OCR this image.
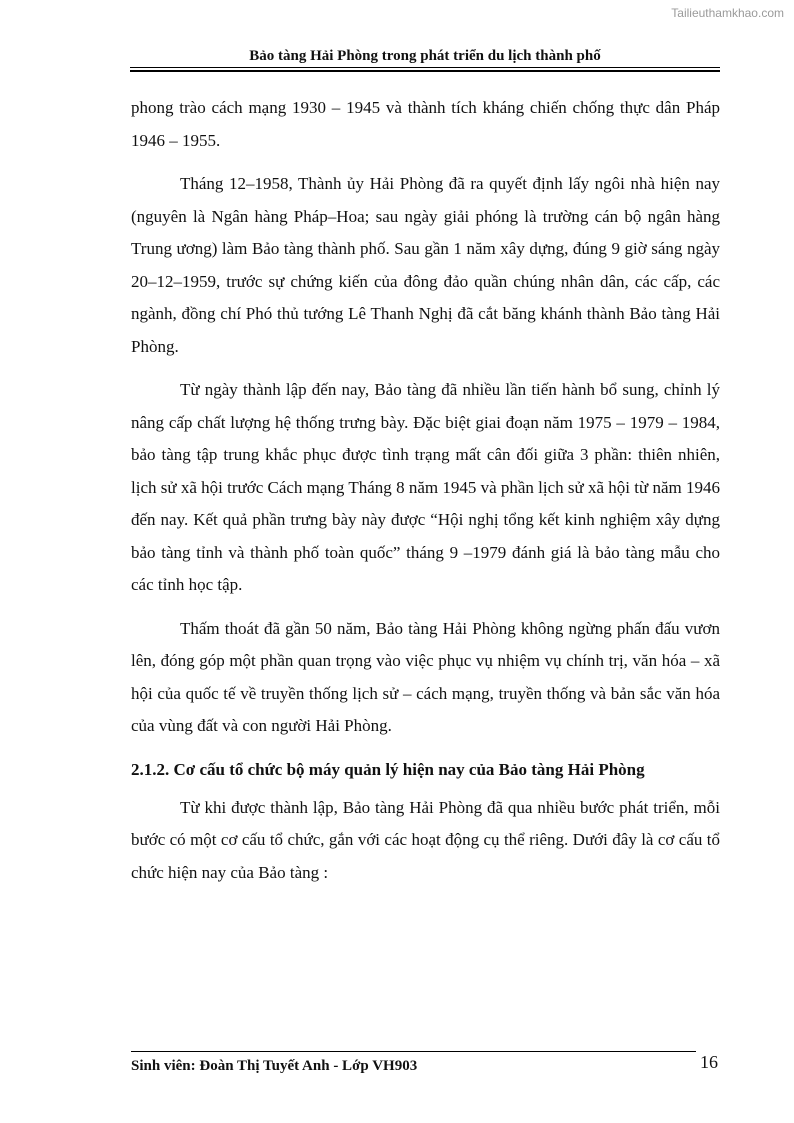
Tailieuthamkhao.com
Bảo tàng Hải Phòng trong phát triển du lịch thành phố

phong trào cách mạng 1930 – 1945 và thành tích kháng chiến chống thực dân Pháp 1946 – 1955.

Tháng 12–1958, Thành ủy Hải Phòng đã ra quyết định lấy ngôi nhà hiện nay (nguyên là Ngân hàng Pháp–Hoa; sau ngày giải phóng là trường cán bộ ngân hàng Trung ương) làm Bảo tàng thành phố. Sau gần 1 năm xây dựng, đúng 9 giờ sáng ngày 20–12–1959, trước sự chứng kiến của đông đảo quần chúng nhân dân, các cấp, các ngành, đồng chí Phó thủ tướng Lê Thanh Nghị đã cắt băng khánh thành Bảo tàng Hải Phòng.

Từ ngày thành lập đến nay, Bảo tàng đã nhiều lần tiến hành bổ sung, chỉnh lý nâng cấp chất lượng hệ thống trưng bày. Đặc biệt giai đoạn năm 1975 – 1979 – 1984, bảo tàng tập trung khắc phục được tình trạng mất cân đối giữa 3 phần: thiên nhiên, lịch sử xã hội trước Cách mạng Tháng 8 năm 1945 và phần lịch sử xã hội từ năm 1946 đến nay. Kết quả phần trưng bày này được “Hội nghị tổng kết kinh nghiệm xây dựng bảo tàng tỉnh và thành phố toàn quốc” tháng 9 –1979 đánh giá là bảo tàng mẫu cho các tỉnh học tập.

Thấm thoát đã gần 50 năm, Bảo tàng Hải Phòng không ngừng phấn đấu vươn lên, đóng góp một phần quan trọng vào việc phục vụ nhiệm vụ chính trị, văn hóa – xã hội của quốc tế về truyền thống lịch sử – cách mạng, truyền thống và bản sắc văn hóa của vùng đất và con người Hải Phòng.

2.1.2. Cơ cấu tổ chức bộ máy quản lý hiện nay của Bảo tàng Hải Phòng

Từ khi được thành lập, Bảo tàng Hải Phòng đã qua nhiều bước phát triển, mỗi bước có một cơ cấu tổ chức, gắn với các hoạt động cụ thể riêng. Dưới đây là cơ cấu tổ chức hiện nay của Bảo tàng :

Sinh viên: Đoàn Thị Tuyết Anh - Lớp VH903	16
